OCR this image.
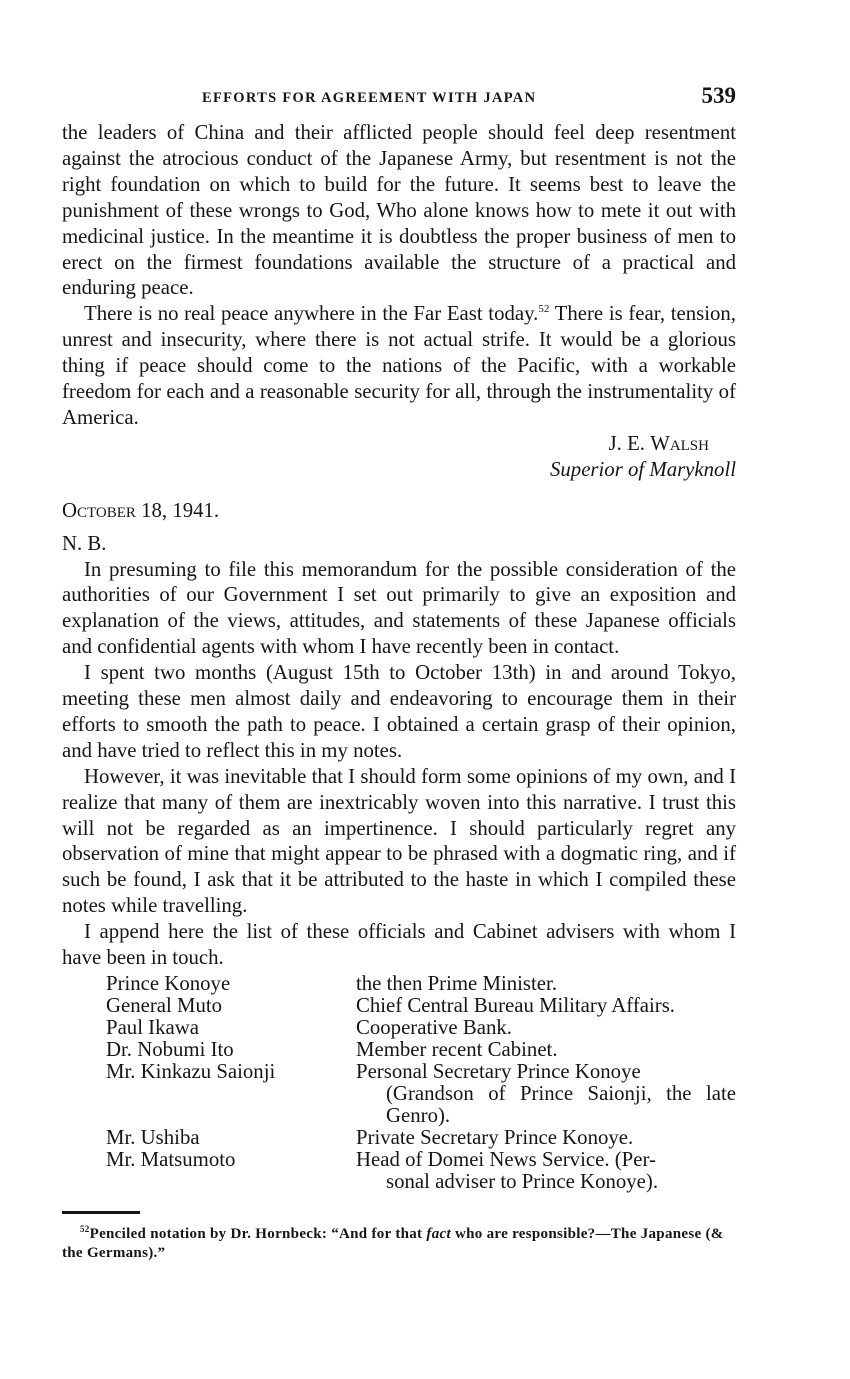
EFFORTS FOR AGREEMENT WITH JAPAN	539

the leaders of China and their afflicted people should feel deep resentment against the atrocious conduct of the Japanese Army, but resentment is not the right foundation on which to build for the future. It seems best to leave the punishment of these wrongs to God, Who alone knows how to mete it out with medicinal justice. In the meantime it is doubtless the proper business of men to erect on the firmest foundations available the structure of a practical and enduring peace.

There is no real peace anywhere in the Far East today.$^{52}$ There is fear, tension, unrest and insecurity, where there is not actual strife. It would be a glorious thing if peace should come to the nations of the Pacific, with a workable freedom for each and a reasonable security for all, through the instrumentality of America.

J. E. Walsh
Superior of Maryknoll
October 18, 1941.
N. B.

In presuming to file this memorandum for the possible consideration of the authorities of our Government I set out primarily to give an exposition and explanation of the views, attitudes, and statements of these Japanese officials and confidential agents with whom I have recently been in contact.

I spent two months (August 15th to October 13th) in and around Tokyo, meeting these men almost daily and endeavoring to encourage them in their efforts to smooth the path to peace. I obtained a certain grasp of their opinion, and have tried to reflect this in my notes.

However, it was inevitable that I should form some opinions of my own, and I realize that many of them are inextricably woven into this narrative. I trust this will not be regarded as an impertinence. I should particularly regret any observation of mine that might appear to be phrased with a dogmatic ring, and if such be found, I ask that it be attributed to the haste in which I compiled these notes while travelling.

I append here the list of these officials and Cabinet advisers with whom I have been in touch.

Prince Konoye	the then Prime Minister.
General Muto	Chief Central Bureau Military Affairs.
Paul Ikawa	Cooperative Bank.
Dr. Nobumi Ito	Member recent Cabinet.
Mr. Kinkazu Saionji	Personal Secretary Prince Konoye
(Grandson of Prince Saionji, the late Genro).

Mr. Ushiba	Private Secretary Prince Konoye.
Mr. Matsumoto	Head of Domei News Service. (Per-
sonal adviser to Prince Konoye).
$^{52}$Penciled notation by Dr. Hornbeck: “And for that fact who are responsible?—The Japanese (& the Germans).”
